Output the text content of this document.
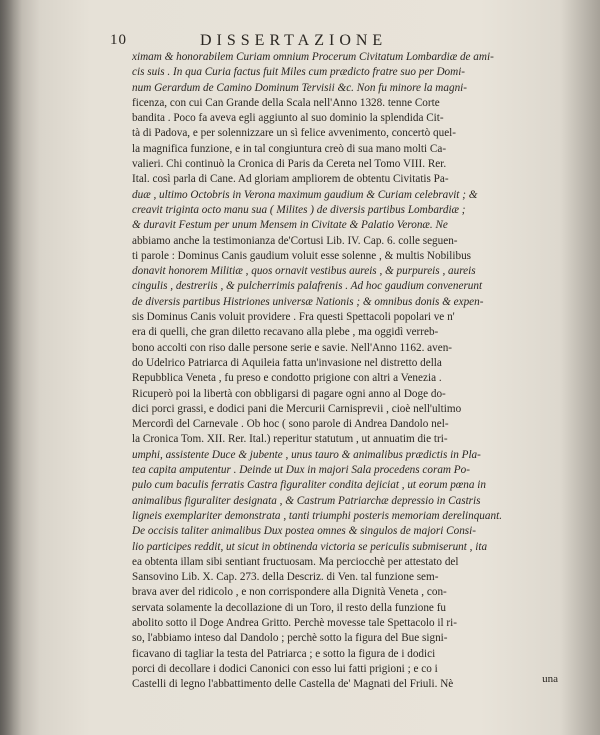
10	DISSERTAZIONE
ximam & honorabilem Curiam omnium Procerum Civitatum Lombardiæ de ami-
cis suis . In qua Curia factus fuit Miles cum prædicto fratre suo per Domi-
num Gerardum de Camino Dominum Tervisii &c. Non fu minore la magni-
ficenza, con cui Can Grande della Scala nell'Anno 1328. tenne Corte
bandita . Poco fa aveva egli aggiunto al suo dominio la splendida Cit-
tà di Padova, e per solennizzare un sì felice avvenimento, concertò quel-
la magnifica funzione, e in tal congiuntura creò di sua mano molti Ca-
valieri. Chi continuò la Cronica di Paris da Cereta nel Tomo VIII. Rer.
Ital. così parla di Cane. Ad gloriam ampliorem de obtentu Civitatis Pa-
duæ , ultimo Octobris in Verona maximum gaudium & Curiam celebravit ; &
creavit triginta octo manu sua ( Milites ) de diversis partibus Lombardiæ ;
& duravit Festum per unum Mensem in Civitate & Palatio Veronæ. Ne
abbiamo anche la testimonianza de'Cortusi Lib. IV. Cap. 6. colle seguen-
ti parole : Dominus Canis gaudium voluit esse solenne , & multis Nobilibus
donavit honorem Militiæ , quos ornavit vestibus aureis , & purpureis , aureis
cingulis , destreriis , & pulcherrimis palafrenis . Ad hoc gaudium convenerunt
de diversis partibus Histriones universæ Nationis ; & omnibus donis & expen-
sis Dominus Canis voluit providere . Fra questi Spettacoli popolari ve n'
era di quelli, che gran diletto recavano alla plebe , ma oggidì verreb-
bono accolti con riso dalle persone serie e savie. Nell'Anno 1162. aven-
do Udelrico Patriarca di Aquileia fatta un'invasione nel distretto della
Repubblica Veneta , fu preso e condotto prigione con altri a Venezia .
Ricuperò poi la libertà con obbligarsi di pagare ogni anno al Doge do-
dici porci grassi, e dodici pani die Mercurii Carnisprevii , cioè nell'ultimo
Mercordì del Carnevale . Ob hoc ( sono parole di Andrea Dandolo nel-
la Cronica Tom. XII. Rer. Ital.) reperitur statutum , ut annuatim die tri-
umphi, assistente Duce & jubente , unus tauro & animalibus prædictis in Pla-
tea capita amputentur . Deinde ut Dux in majori Sala procedens coram Po-
pulo cum baculis ferratis Castra figuraliter condita dejiciat , ut eorum pœna in
animalibus figuraliter designata , & Castrum Patriarchæ depressio in Castris
ligneis exemplariter demonstrata , tanti triumphi posteris memoriam derelinquant.
De occisis taliter animalibus Dux postea omnes & singulos de majori Consi-
lio participes reddit, ut sicut in obtinenda victoria se periculis submiserunt , ita
ea obtenta illam sibi sentiant fructuosam. Ma perciocchè per attestato del
Sansovino Lib. X. Cap. 273. della Descriz. di Ven. tal funzione sem-
brava aver del ridicolo , e non corrispondere alla Dignità Veneta , con-
servata solamente la decollazione di un Toro, il resto della funzione fu
abolito sotto il Doge Andrea Gritto. Perchè movesse tale Spettacolo il ri-
so, l'abbiamo inteso dal Dandolo ; perchè sotto la figura del Bue signi-
ficavano di tagliar la testa del Patriarca ; e sotto la figura de i dodici
porci di decollare i dodici Canonici con esso lui fatti prigioni ; e co i
Castelli di legno l'abbattimento delle Castella de' Magnati del Friuli. Nè	una
